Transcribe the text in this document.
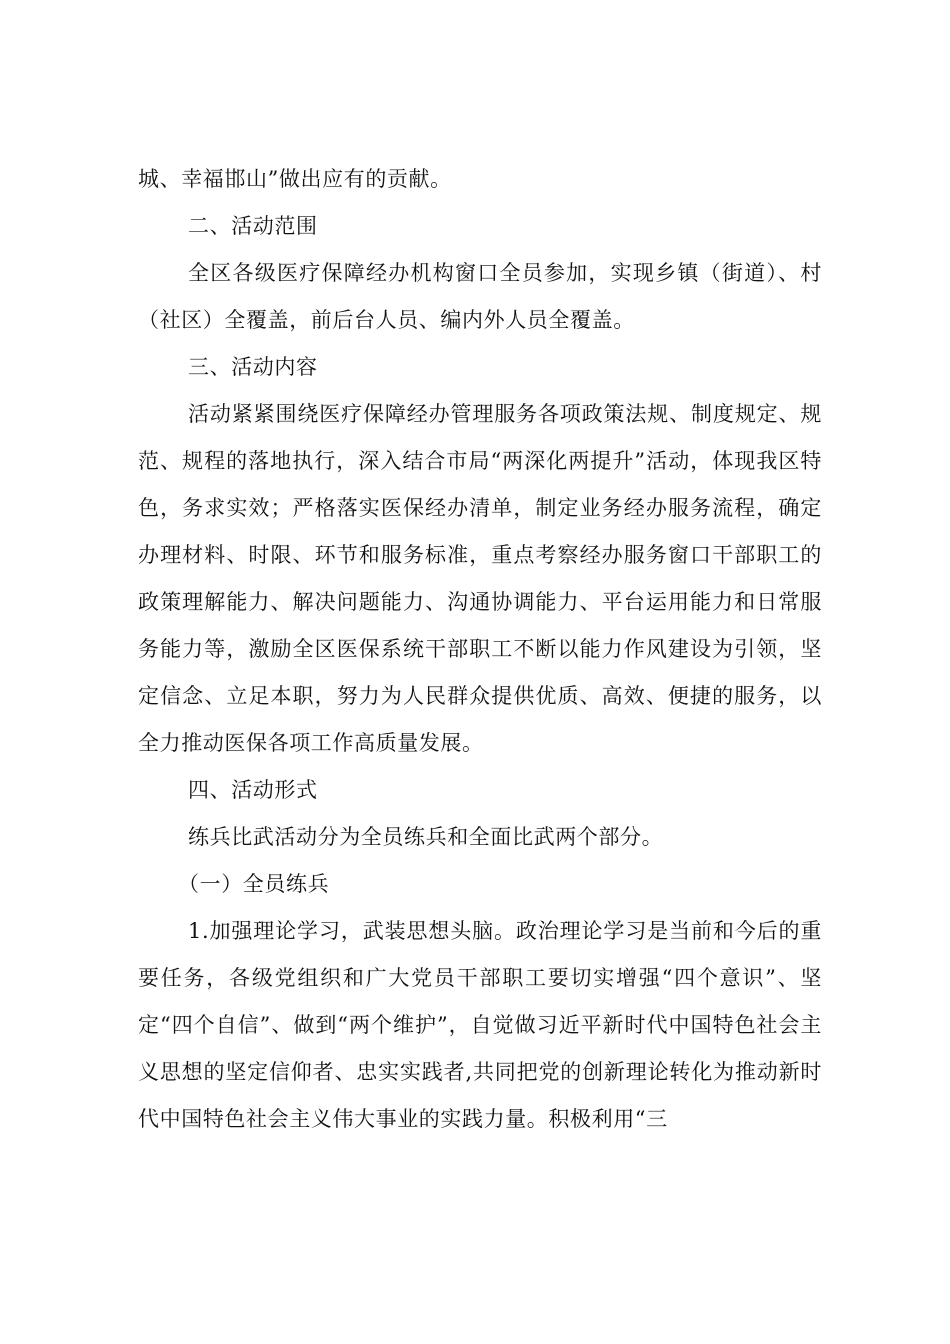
城、幸福邯山”做出应有的贡献。

二、活动范围

全区各级医疗保障经办机构窗口全员参加，实现乡镇（街道）、村（社区）全覆盖，前后台人员、编内外人员全覆盖。

三、活动内容

活动紧紧围绕医疗保障经办管理服务各项政策法规、制度规定、规范、规程的落地执行，深入结合市局“两深化两提升”活动，体现我区特色，务求实效；严格落实医保经办清单，制定业务经办服务流程，确定办理材料、时限、环节和服务标准，重点考察经办服务窗口干部职工的政策理解能力、解决问题能力、沟通协调能力、平台运用能力和日常服务能力等，激励全区医保系统干部职工不断以能力作风建设为引领，坚定信念、立足本职，努力为人民群众提供优质、高效、便捷的服务，以全力推动医保各项工作高质量发展。

四、活动形式

练兵比武活动分为全员练兵和全面比武两个部分。

（一）全员练兵

1.加强理论学习，武装思想头脑。政治理论学习是当前和今后的重要任务，各级党组织和广大党员干部职工要切实增强“四个意识”、坚定“四个自信”、做到“两个维护”，自觉做习近平新时代中国特色社会主义思想的坚定信仰者、忠实实践者,共同把党的创新理论转化为推动新时代中国特色社会主义伟大事业的实践力量。积极利用“三
